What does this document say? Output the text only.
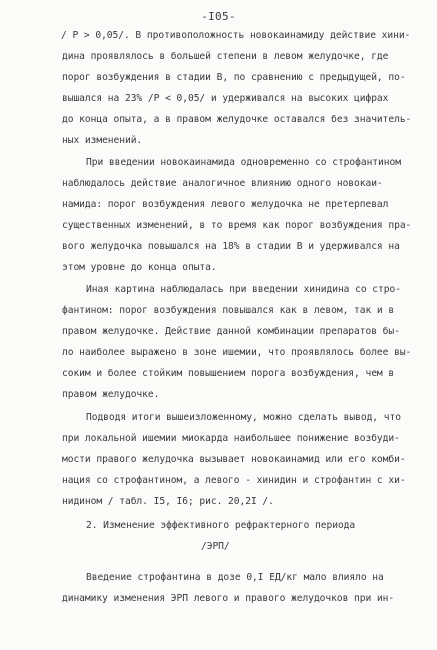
-I05-
/ P > 0,05/. В противоположность новокаинамиду действие хини-
дина проявлялось в большей степени в левом желудочке, где
порог возбуждения в стадии В, по сравнению с предыдущей, по-
вышался на 23% /P < 0,05/ и удерживался на высоких цифрах
до конца опыта, а в правом желудочке оставался без значитель-
ных изменений.
При введении новокаинамида одновременно со строфантином
наблюдалось действие аналогичное влиянию одного новокаи-
намида: порог возбуждения левого желудочка не претерпевал
существенных изменений, в то время как порог возбуждения пра-
вого желудочка повышался на 18% в стадии В и удерживался на
этом уровне до конца опыта.
Иная картина наблюдалась при введении хинидина со стро-
фантином: порог возбуждения повышался как в левом, так и в
правом желудочке. Действие данной комбинации препаратов бы-
ло наиболее выражено в зоне ишемии, что проявлялось более вы-
соким и более стойким повышением порога возбуждения, чем в
правом желудочке.
Подводя итоги вышеизложенному, можно сделать вывод, что
при локальной ишемии миокарда наибольшее понижение возбуди-
мости правого желудочка вызывает новокаинамид или его комби-
нация со строфантином, а левого - хинидин и строфантин с хи-
нидином / табл. I5, I6; рис. 20,2I /.
2. Изменение эффективного рефрактерного периода
/ЭРП/
Введение строфантина в дозе 0,I ЕД/кг мало влияло на
динамику изменения ЭРП левого и правого желудочков при ин-
